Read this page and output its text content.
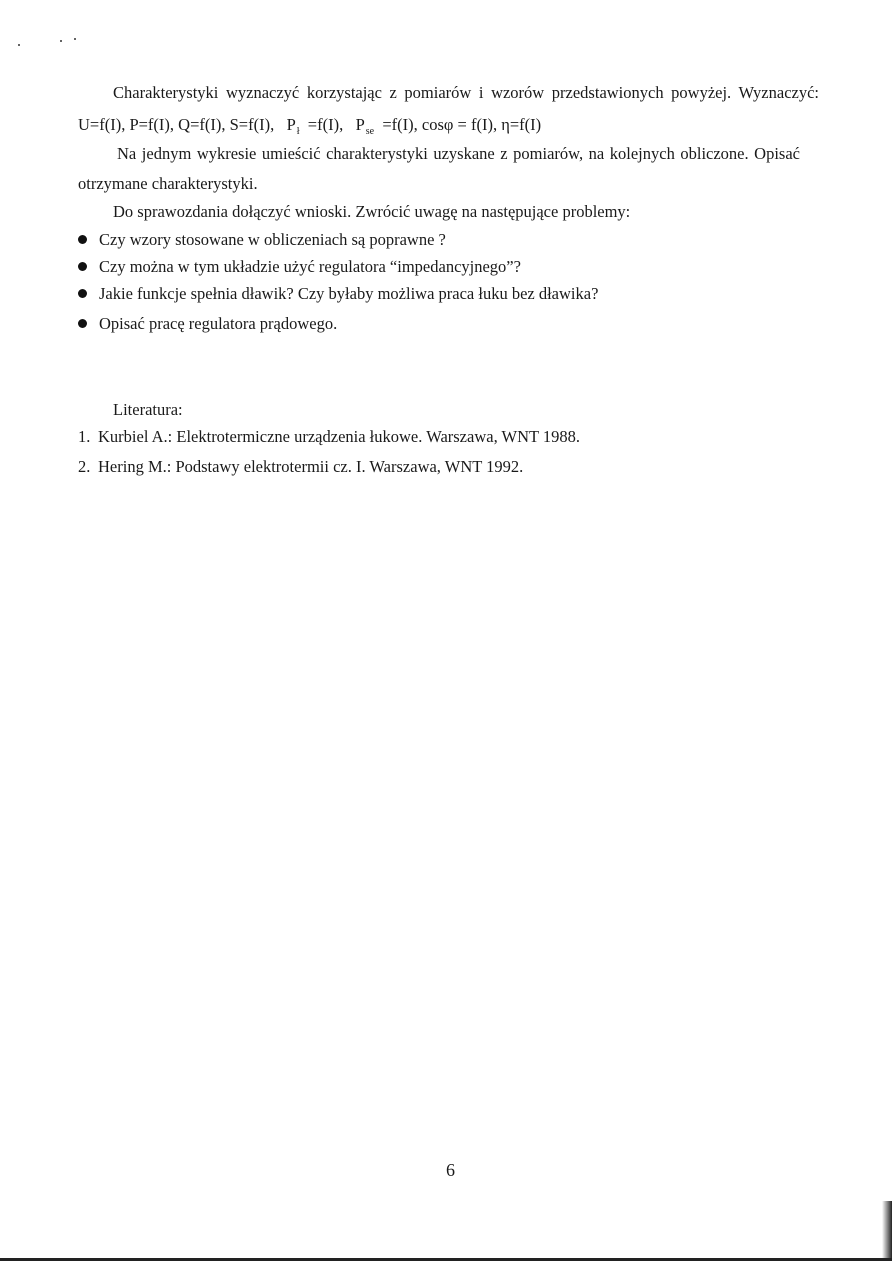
Charakterystyki wyznaczyć korzystając z pomiarów i wzorów przedstawionych powyżej. Wyznaczyć:
U=f(I), P=f(I), Q=f(I), S=f(I), $P_ł =f(I)$, $P_{se} =f(I)$, cosφ = f(I), η=f(I)
Na jednym wykresie umieścić charakterystyki uzyskane z pomiarów, na kolejnych obliczone. Opisać
otrzymane charakterystyki.
Do sprawozdania dołączyć wnioski. Zwrócić uwagę na następujące problemy:
Czy wzory stosowane w obliczeniach są poprawne ?
Czy można w tym układzie użyć regulatora “impedancyjnego”?
Jakie funkcje spełnia dławik? Czy byłaby możliwa praca łuku bez dławika?
Opisać pracę regulatora prądowego.
Literatura:
1. Kurbiel A.: Elektrotermiczne urządzenia łukowe. Warszawa, WNT 1988.
2. Hering M.: Podstawy elektrotermii cz. I. Warszawa, WNT 1992.
6
